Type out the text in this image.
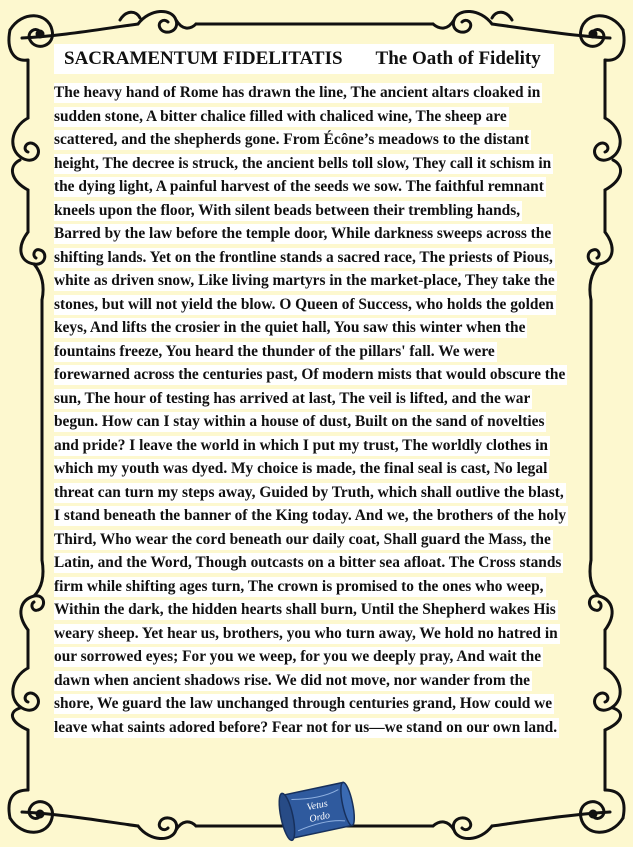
SACRAMENTUM FIDELITATIS The Oath of Fidelity
The heavy hand of Rome has drawn the line, The ancient altars cloaked in sudden stone, A bitter chalice filled with chaliced wine, The sheep are scattered, and the shepherds gone. From Écône’s meadows to the distant height, The decree is struck, the ancient bells toll slow, They call it schism in the dying light, A painful harvest of the seeds we sow. The faithful remnant kneels upon the floor, With silent beads between their trembling hands, Barred by the law before the temple door, While darkness sweeps across the shifting lands. Yet on the frontline stands a sacred race, The priests of Pious, white as driven snow, Like living martyrs in the market-place, They take the stones, but will not yield the blow. O Queen of Success, who holds the golden keys, And lifts the crosier in the quiet hall, You saw this winter when the fountains freeze, You heard the thunder of the pillars' fall. We were forewarned across the centuries past, Of modern mists that would obscure the sun, The hour of testing has arrived at last, The veil is lifted, and the war begun. How can I stay within a house of dust, Built on the sand of novelties and pride? I leave the world in which I put my trust, The worldly clothes in which my youth was dyed. My choice is made, the final seal is cast, No legal threat can turn my steps away, Guided by Truth, which shall outlive the blast, I stand beneath the banner of the King today. And we, the brothers of the holy Third, Who wear the cord beneath our daily coat, Shall guard the Mass, the Latin, and the Word, Though outcasts on a bitter sea afloat. The Cross stands firm while shifting ages turn, The crown is promised to the ones who weep, Within the dark, the hidden hearts shall burn, Until the Shepherd wakes His weary sheep. Yet hear us, brothers, you who turn away, We hold no hatred in our sorrowed eyes; For you we weep, for you we deeply pray, And wait the dawn when ancient shadows rise. We did not move, nor wander from the shore, We guard the law unchanged through centuries grand, How could we leave what saints adored before? Fear not for us—we stand on our own land.
Vetus
Ordo
